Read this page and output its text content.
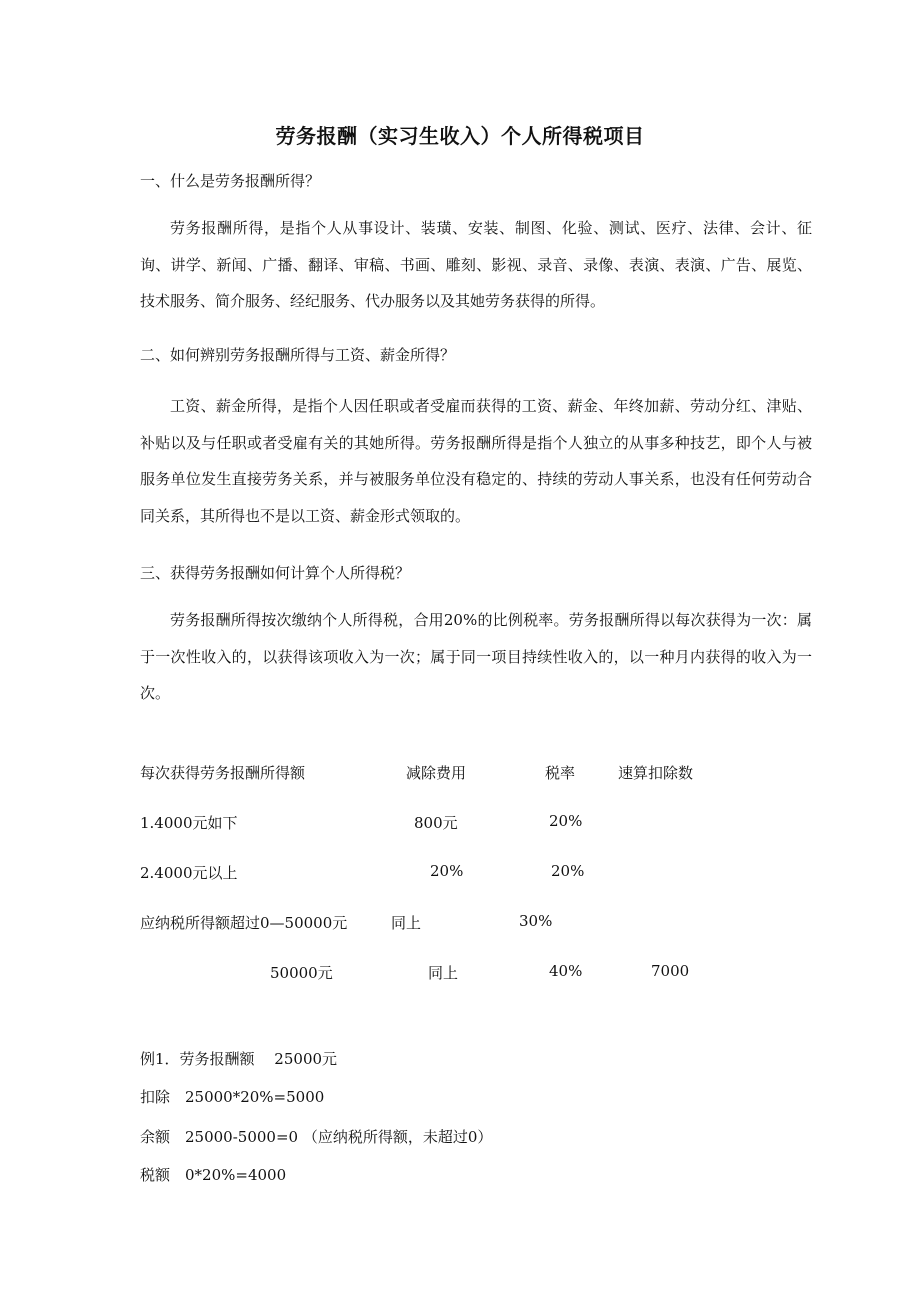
劳务报酬（实习生收入）个人所得税项目
一、什么是劳务报酬所得？
劳务报酬所得，是指个人从事设计、装璜、安装、制图、化验、测试、医疗、法律、会计、征询、讲学、新闻、广播、翻译、审稿、书画、雕刻、影视、录音、录像、表演、表演、广告、展览、技术服务、简介服务、经纪服务、代办服务以及其她劳务获得的所得。
二、如何辨别劳务报酬所得与工资、薪金所得？
工资、薪金所得，是指个人因任职或者受雇而获得的工资、薪金、年终加薪、劳动分红、津贴、补贴以及与任职或者受雇有关的其她所得。劳务报酬所得是指个人独立的从事多种技艺，即个人与被服务单位发生直接劳务关系，并与被服务单位没有稳定的、持续的劳动人事关系，也没有任何劳动合同关系，其所得也不是以工资、薪金形式领取的。
三、获得劳务报酬如何计算个人所得税？
劳务报酬所得按次缴纳个人所得税，合用20%的比例税率。劳务报酬所得以每次获得为一次：属于一次性收入的，以获得该项收入为一次；属于同一项目持续性收入的，以一种月内获得的收入为一次。
每次获得劳务报酬所得额	减除费用	税率	速算扣除数
1.4000元如下	800元	20%
2.4000元以上	20%	20%
应纳税所得额超过0—50000元	同上	30%
50000元	同上	40%	7000
例1．劳务报酬额　 25000元
扣除　25000*20%=5000
余额　25000-5000=0 （应纳税所得额，未超过0）
税额　0*20%=4000
